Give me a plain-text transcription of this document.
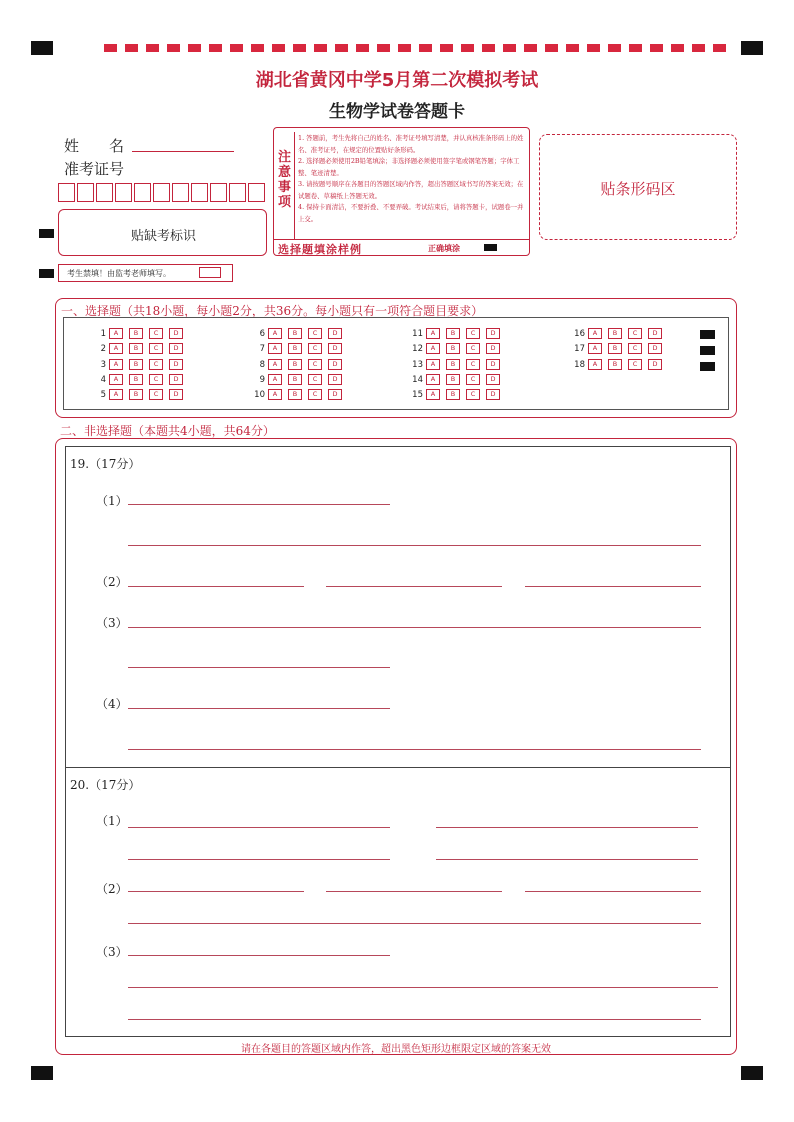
湖北省黄冈中学5月第二次模拟考试
生物学试卷答题卡
姓　　名
准考证号
贴缺考标识
考生禁填！由监考老师填写。
注意事项
1. 答题前，考生先将自己的姓名、准考证号填写清楚，并认真核准条形码上的姓名、准考证号，在规定的位置贴好条形码。
2. 选择题必须使用2B铅笔填涂；非选择题必须使用签字笔或钢笔答题；字体工整、笔迹清楚。
3. 请按题号顺序在各题目的答题区域内作答，超出答题区域书写的答案无效；在试题卷、草稿纸上答题无效。
4. 保持卡面清洁，不要折叠、不要弄破。考试结束后，请将答题卡，试题卷一并上交。
选择题填涂样例	正确填涂
贴条形码区
一、选择题（共18小题，每小题2分，共36分。每小题只有一项符合题目要求）
1	A	B	C	D
2	A	B	C	D
3	A	B	C	D
4	A	B	C	D
5	A	B	C	D
6	A	B	C	D
7	A	B	C	D
8	A	B	C	D
9	A	B	C	D
10	A	B	C	D
11	A	B	C	D
12	A	B	C	D
13	A	B	C	D
14	A	B	C	D
15	A	B	C	D
16	A	B	C	D
17	A	B	C	D
18	A	B	C	D
二、非选择题（本题共4小题，共64分）
请在各题目的答题区域内作答，超出黑色矩形边框限定区域的答案无效
19.（17分）
（1）
（2）
（3）
（4）
20.（17分）
（1）
（2）
（3）
